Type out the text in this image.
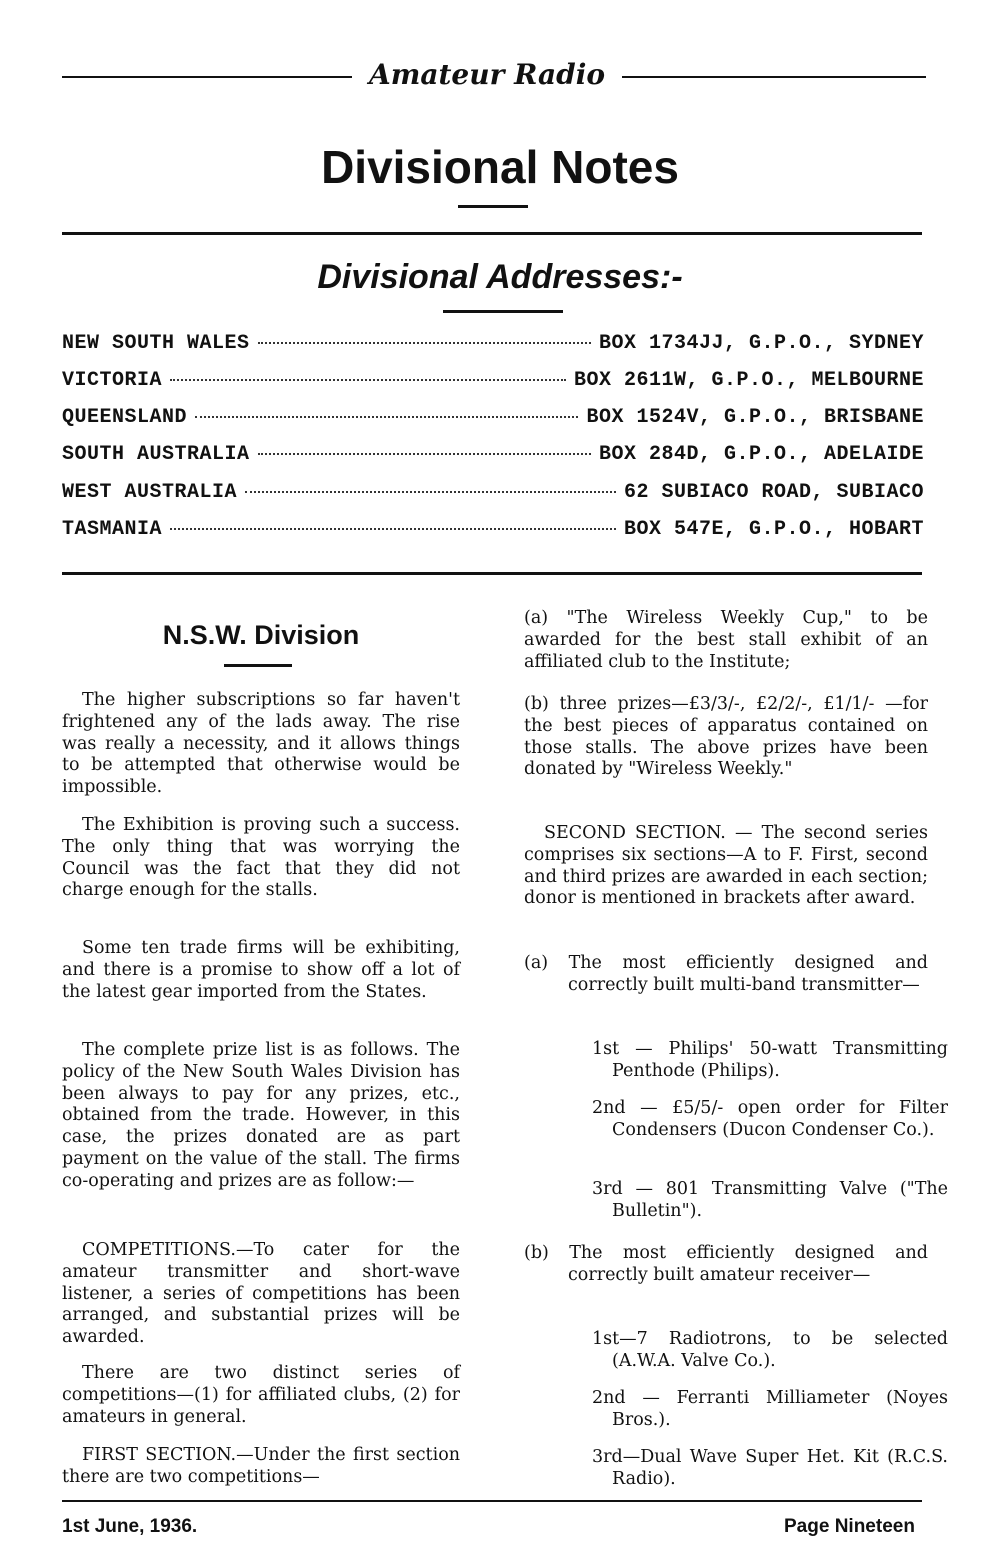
Amateur Radio
Divisional Notes
Divisional Addresses:-
NEW SOUTH WALES	BOX 1734JJ, G.P.O., SYDNEY
VICTORIA	BOX 2611W, G.P.O., MELBOURNE
QUEENSLAND	BOX 1524V, G.P.O., BRISBANE
SOUTH AUSTRALIA	BOX 284D, G.P.O., ADELAIDE
WEST AUSTRALIA	62 SUBIACO ROAD, SUBIACO
TASMANIA	BOX 547E, G.P.O., HOBART
N.S.W. Division

The higher subscriptions so far haven't frightened any of the lads away. The rise was really a necessity, and it allows things to be attempted that otherwise would be impossible.

The Exhibition is proving such a success. The only thing that was worrying the Council was the fact that they did not charge enough for the stalls.

Some ten trade firms will be exhibiting, and there is a promise to show off a lot of the latest gear imported from the States.

The complete prize list is as follows. The policy of the New South Wales Division has been always to pay for any prizes, etc., obtained from the trade. However, in this case, the prizes donated are as part payment on the value of the stall. The firms co-operating and prizes are as follow:—

COMPETITIONS.—To cater for the amateur transmitter and short-wave listener, a series of competitions has been arranged, and substantial prizes will be awarded.

There are two distinct series of competitions—(1) for affiliated clubs, (2) for amateurs in general.

FIRST SECTION.—Under the first section there are two competitions—

(a) "The Wireless Weekly Cup," to be awarded for the best stall exhibit of an affiliated club to the Institute;

(b) three prizes—£3/3/-, £2/2/-, £1/1/- —for the best pieces of apparatus contained on those stalls. The above prizes have been donated by "Wireless Weekly."

SECOND SECTION. — The second series comprises six sections—A to F. First, second and third prizes are awarded in each section; donor is mentioned in brackets after award.

(a) The most efficiently designed and correctly built multi-band transmitter—
1st — Philips' 50-watt Transmitting Penthode (Philips).
2nd — £5/5/- open order for Filter Condensers (Ducon Condenser Co.).
3rd — 801 Transmitting Valve ("The Bulletin").
(b) The most efficiently designed and correctly built amateur receiver—
1st—7 Radiotrons, to be selected (A.W.A. Valve Co.).
2nd — Ferranti Milliameter (Noyes Bros.).
3rd—Dual Wave Super Het. Kit (R.C.S. Radio).
1st June, 1936.	Page Nineteen
